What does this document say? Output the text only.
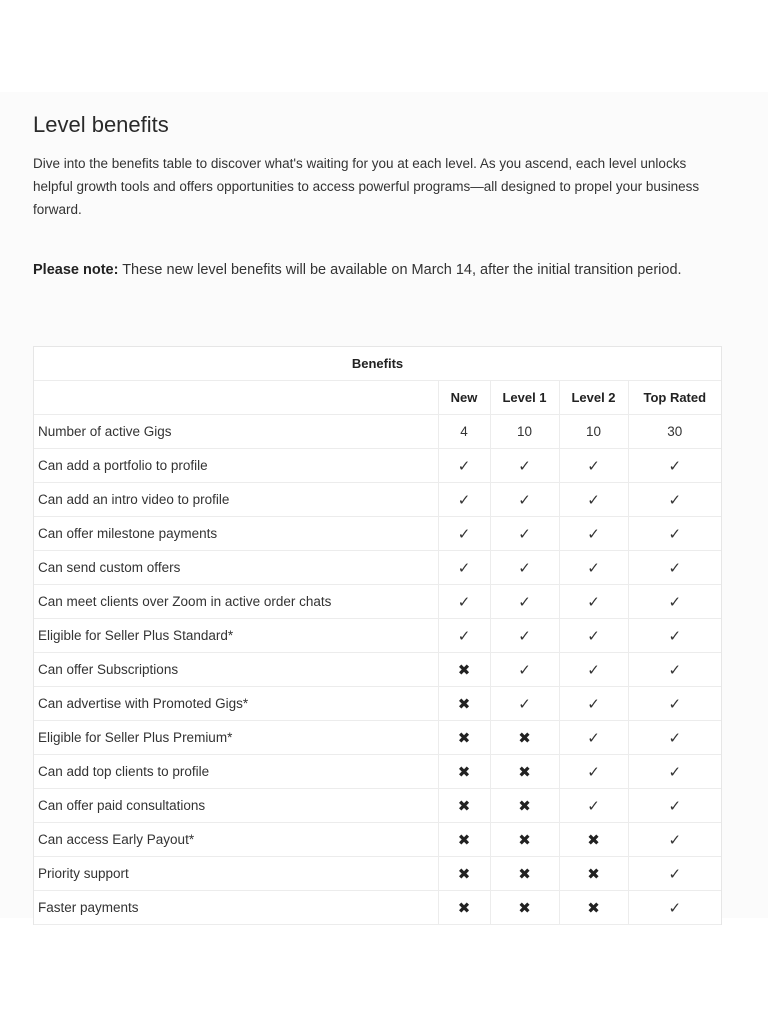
Level benefits

Dive into the benefits table to discover what's waiting for you at each level. As you ascend, each level unlocks helpful growth tools and offers opportunities to access powerful programs—all designed to propel your business forward.

Please note: These new level benefits will be available on March 14, after the initial transition period.

Benefits				
	New	Level 1	Level 2	Top Rated
Number of active Gigs	4	10	10	30
Can add a portfolio to profile	✓	✓	✓	✓
Can add an intro video to profile	✓	✓	✓	✓
Can offer milestone payments	✓	✓	✓	✓
Can send custom offers	✓	✓	✓	✓
Can meet clients over Zoom in active order chats	✓	✓	✓	✓
Eligible for Seller Plus Standard*	✓	✓	✓	✓
Can offer Subscriptions	✖	✓	✓	✓
Can advertise with Promoted Gigs*	✖	✓	✓	✓
Eligible for Seller Plus Premium*	✖	✖	✓	✓
Can add top clients to profile	✖	✖	✓	✓
Can offer paid consultations	✖	✖	✓	✓
Can access Early Payout*	✖	✖	✖	✓
Priority support	✖	✖	✖	✓
Faster payments	✖	✖	✖	✓
